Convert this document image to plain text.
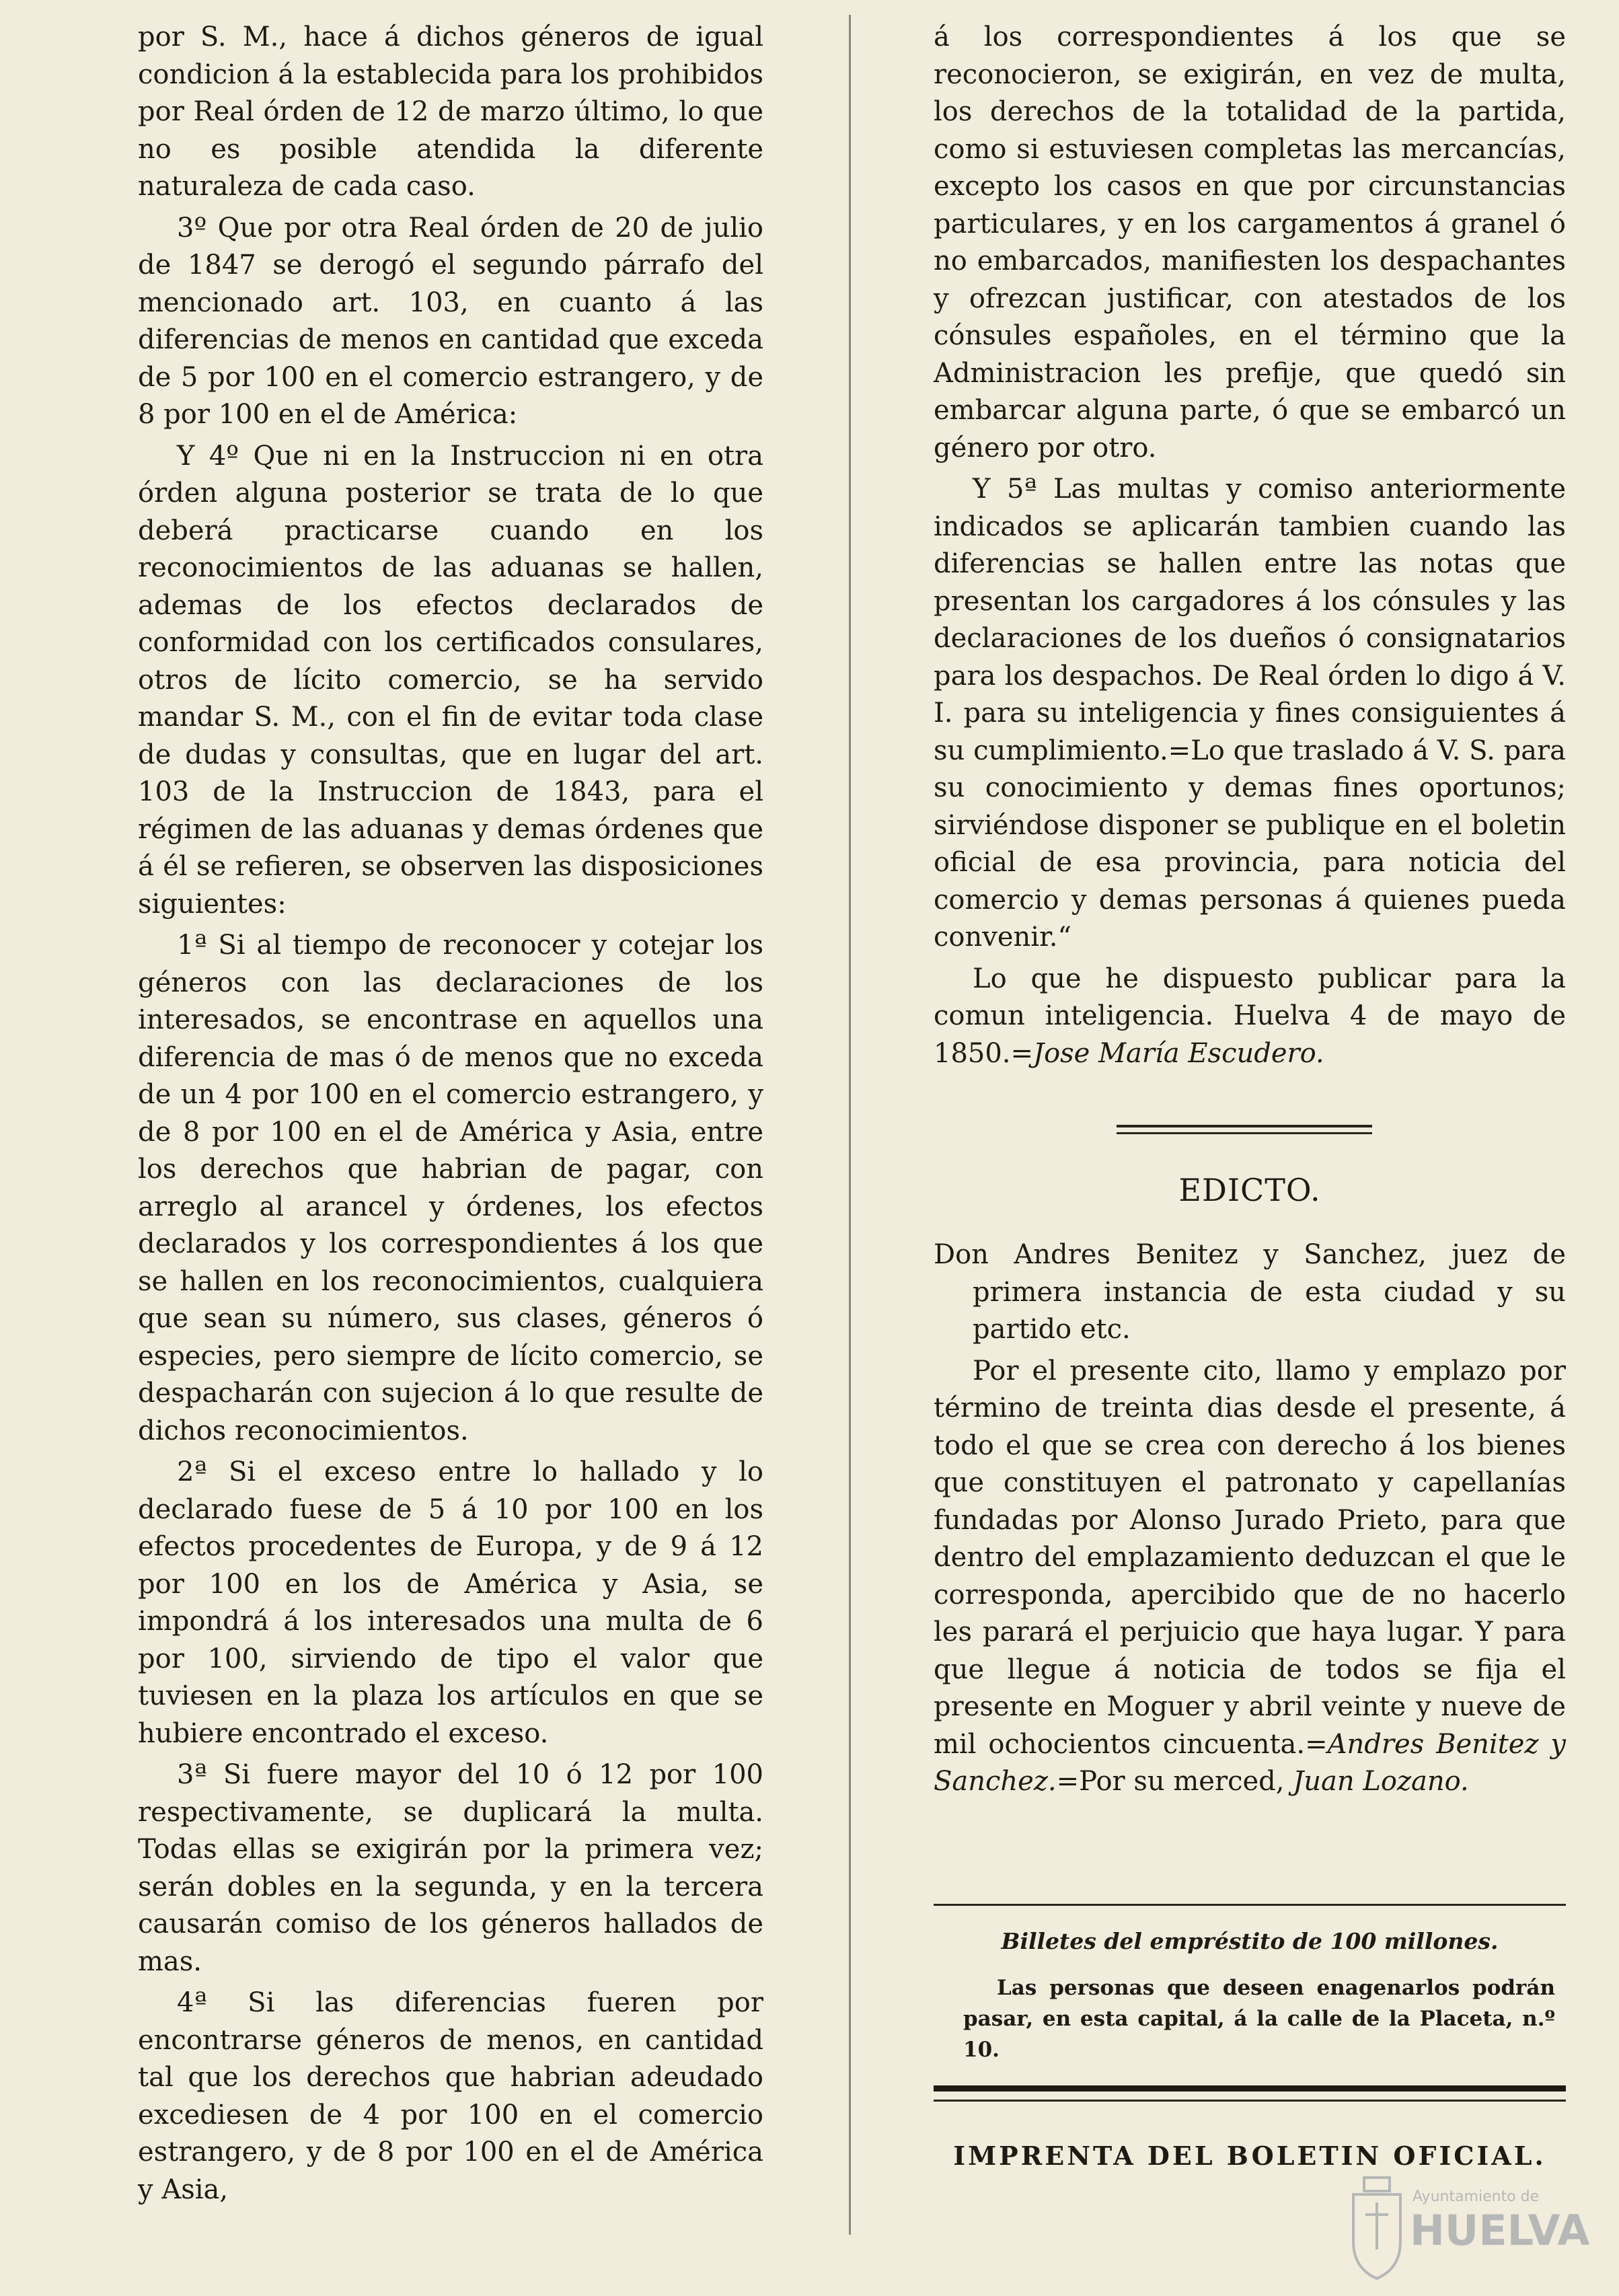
por S. M., hace á dichos géneros de igual condicion á la establecida para los prohibidos por Real órden de 12 de marzo último, lo que no es posible atendida la diferente naturaleza de cada caso.

3º Que por otra Real órden de 20 de julio de 1847 se derogó el segundo párrafo del mencionado art. 103, en cuanto á las diferencias de menos en cantidad que exceda de 5 por 100 en el comercio estrangero, y de 8 por 100 en el de América:

Y 4º Que ni en la Instruccion ni en otra órden alguna posterior se trata de lo que deberá practicarse cuando en los reconocimientos de las aduanas se hallen, ademas de los efectos declarados de conformidad con los certificados consulares, otros de lícito comercio, se ha servido mandar S. M., con el fin de evitar toda clase de dudas y consultas, que en lugar del art. 103 de la Instruccion de 1843, para el régimen de las aduanas y demas órdenes que á él se refieren, se observen las disposiciones siguientes:

1ª Si al tiempo de reconocer y cotejar los géneros con las declaraciones de los interesados, se encontrase en aquellos una diferencia de mas ó de menos que no exceda de un 4 por 100 en el comercio estrangero, y de 8 por 100 en el de América y Asia, entre los derechos que habrian de pagar, con arreglo al arancel y órdenes, los efectos declarados y los correspondientes á los que se hallen en los reconocimientos, cualquiera que sean su número, sus clases, géneros ó especies, pero siempre de lícito comercio, se despacharán con sujecion á lo que resulte de dichos reconocimientos.

2ª Si el exceso entre lo hallado y lo declarado fuese de 5 á 10 por 100 en los efectos procedentes de Europa, y de 9 á 12 por 100 en los de América y Asia, se impondrá á los interesados una multa de 6 por 100, sirviendo de tipo el valor que tuviesen en la plaza los artículos en que se hubiere encontrado el exceso.

3ª Si fuere mayor del 10 ó 12 por 100 respectivamente, se duplicará la multa. Todas ellas se exigirán por la primera vez; serán dobles en la segunda, y en la tercera causarán comiso de los géneros hallados de mas.

4ª Si las diferencias fueren por encontrarse géneros de menos, en cantidad tal que los derechos que habrian adeudado excediesen de 4 por 100 en el comercio estrangero, y de 8 por 100 en el de América y Asia,

á los correspondientes á los que se reconocieron, se exigirán, en vez de multa, los derechos de la totalidad de la partida, como si estuviesen completas las mercancías, excepto los casos en que por circunstancias particulares, y en los cargamentos á granel ó no embarcados, manifiesten los despachantes y ofrezcan justificar, con atestados de los cónsules españoles, en el término que la Administracion les prefije, que quedó sin embarcar alguna parte, ó que se embarcó un género por otro.

Y 5ª Las multas y comiso anteriormente indicados se aplicarán tambien cuando las diferencias se hallen entre las notas que presentan los cargadores á los cónsules y las declaraciones de los dueños ó consignatarios para los despachos. De Real órden lo digo á V. I. para su inteligencia y fines consiguientes á su cumplimiento.=Lo que traslado á V. S. para su conocimiento y demas fines oportunos; sirviéndose disponer se publique en el boletin oficial de esa provincia, para noticia del comercio y demas personas á quienes pueda convenir.“

Lo que he dispuesto publicar para la comun inteligencia. Huelva 4 de mayo de 1850.=Jose María Escudero.

EDICTO.

Don Andres Benitez y Sanchez, juez de primera instancia de esta ciudad y su partido etc.

Por el presente cito, llamo y emplazo por término de treinta dias desde el presente, á todo el que se crea con derecho á los bienes que constituyen el patronato y capellanías fundadas por Alonso Jurado Prieto, para que dentro del emplazamiento deduzcan el que le corresponda, apercibido que de no hacerlo les parará el perjuicio que haya lugar. Y para que llegue á noticia de todos se fija el presente en Moguer y abril veinte y nueve de mil ochocientos cincuenta.=Andres Benitez y Sanchez.=Por su merced, Juan Lozano.

Billetes del empréstito de 100 millones.
Las personas que deseen enagenarlos podrán pasar, en esta capital, á la calle de la Placeta, n.º 10.
IMPRENTA DEL BOLETIN OFICIAL.
Ayuntamiento de
HUELVA
